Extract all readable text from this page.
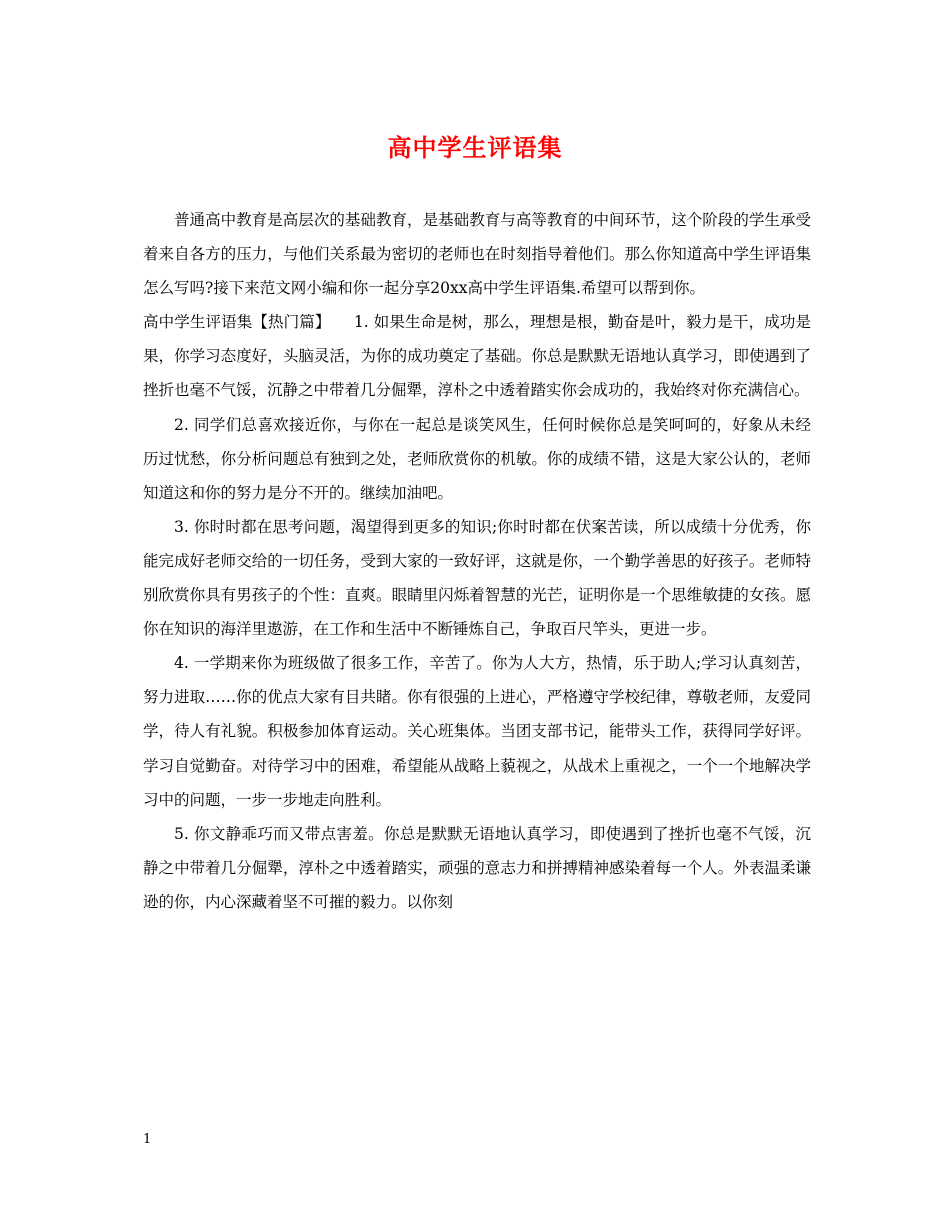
高中学生评语集

普通高中教育是高层次的基础教育，是基础教育与高等教育的中间环节，这个阶段的学生承受着来自各方的压力，与他们关系最为密切的老师也在时刻指导着他们。那么你知道高中学生评语集怎么写吗?接下来范文网小编和你一起分享20xx高中学生评语集.希望可以帮到你。

高中学生评语集【热门篇】　　1. 如果生命是树，那么，理想是根，勤奋是叶，毅力是干，成功是果，你学习态度好，头脑灵活，为你的成功奠定了基础。你总是默默无语地认真学习，即使遇到了挫折也毫不气馁，沉静之中带着几分倔犟，淳朴之中透着踏实你会成功的，我始终对你充满信心。

2. 同学们总喜欢接近你，与你在一起总是谈笑风生，任何时候你总是笑呵呵的，好象从未经历过忧愁，你分析问题总有独到之处，老师欣赏你的机敏。你的成绩不错，这是大家公认的，老师知道这和你的努力是分不开的。继续加油吧。

3. 你时时都在思考问题，渴望得到更多的知识;你时时都在伏案苦读，所以成绩十分优秀，你能完成好老师交给的一切任务，受到大家的一致好评，这就是你，一个勤学善思的好孩子。老师特别欣赏你具有男孩子的个性：直爽。眼睛里闪烁着智慧的光芒，证明你是一个思维敏捷的女孩。愿你在知识的海洋里遨游，在工作和生活中不断锤炼自己，争取百尺竿头，更进一步。

4. 一学期来你为班级做了很多工作，辛苦了。你为人大方，热情，乐于助人;学习认真刻苦，努力进取……你的优点大家有目共睹。你有很强的上进心，严格遵守学校纪律，尊敬老师，友爱同学，待人有礼貌。积极参加体育运动。关心班集体。当团支部书记，能带头工作，获得同学好评。学习自觉勤奋。对待学习中的困难，希望能从战略上藐视之，从战术上重视之，一个一个地解决学习中的问题，一步一步地走向胜利。

5. 你文静乖巧而又带点害羞。你总是默默无语地认真学习，即使遇到了挫折也毫不气馁，沉静之中带着几分倔犟，淳朴之中透着踏实，顽强的意志力和拼搏精神感染着每一个人。外表温柔谦逊的你，内心深藏着坚不可摧的毅力。以你刻

1
